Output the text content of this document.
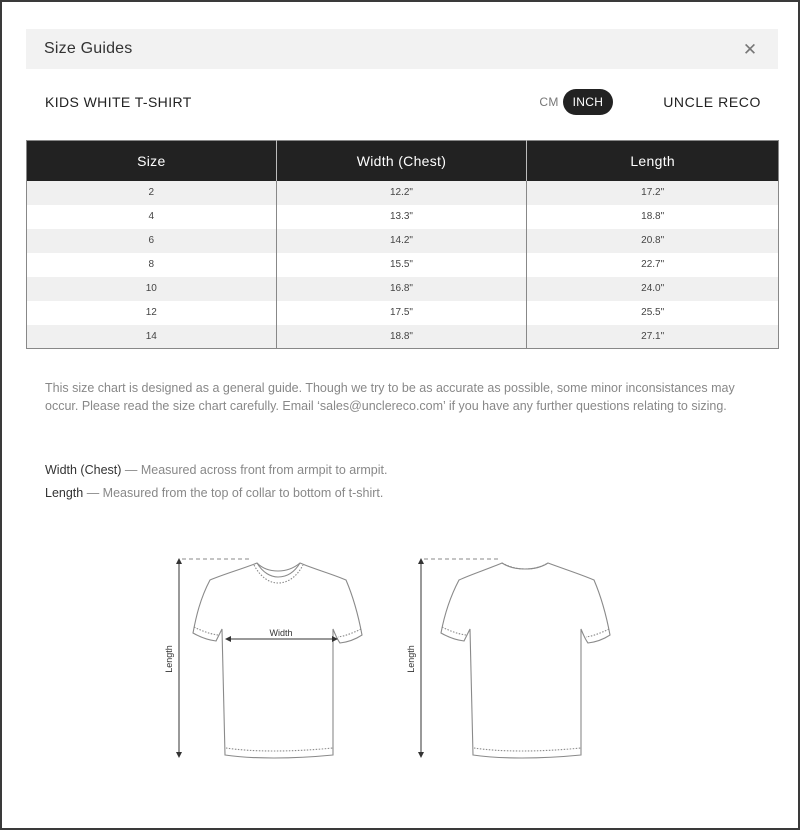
Size Guides	✕
KIDS WHITE T-SHIRT	CM	INCH	UNCLE RECO
Size	Width (Chest)	Length
2	12.2"	17.2"
4	13.3"	18.8"
6	14.2"	20.8"
8	15.5"	22.7"
10	16.8"	24.0"
12	17.5"	25.5"
14	18.8"	27.1"

This size chart is designed as a general guide. Though we try to be as accurate as possible, some minor inconsistances may occur. Please read the size chart carefully. Email ‘sales@unclereco.com’ if you have any further questions relating to sizing.

Width (Chest) — Measured across front from armpit to armpit.
Length — Measured from the top of collar to bottom of t-shirt.
Width
Length	Length
